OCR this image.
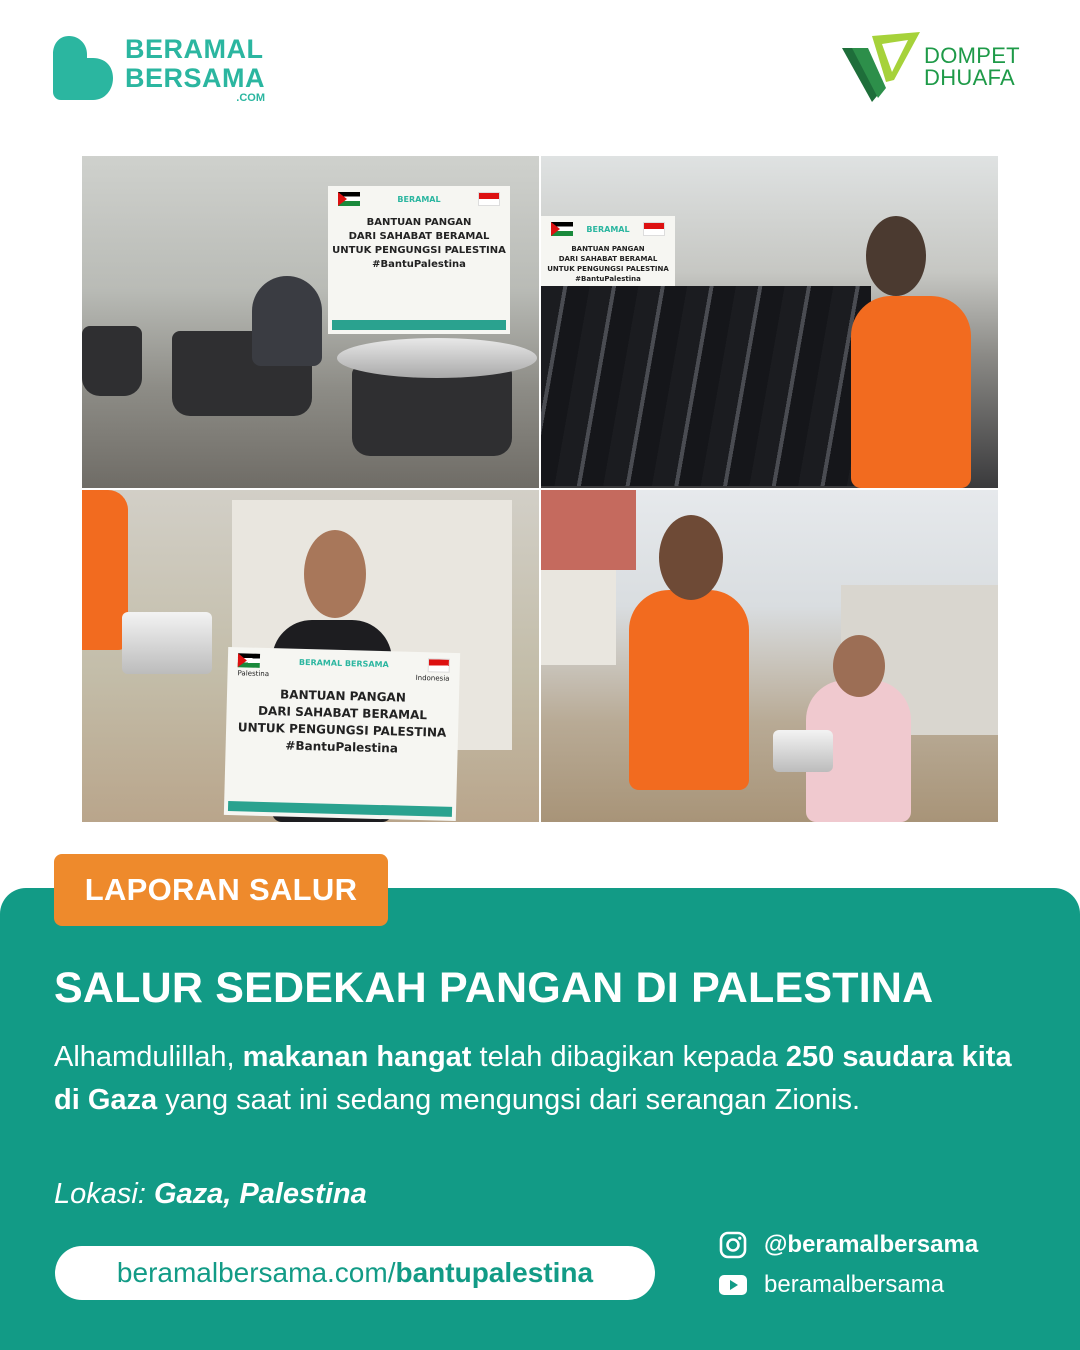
BERAMAL
BERSAMA
.COM
DOMPET
DHUAFA
BERAMAL
BANTUAN PANGAN
DARI SAHABAT BERAMAL
UNTUK PENGUNGSI PALESTINA
#BantuPalestina
BERAMAL
BANTUAN PANGAN
DARI SAHABAT BERAMAL
UNTUK PENGUNGSI PALESTINA
#BantuPalestina
BERAMAL BERSAMA
Palestina
Indonesia
BANTUAN PANGAN
DARI SAHABAT BERAMAL
UNTUK PENGUNGSI PALESTINA
#BantuPalestina
LAPORAN SALUR
SALUR SEDEKAH PANGAN DI PALESTINA
Alhamdulillah, makanan hangat telah dibagikan kepada 250 saudara kita di Gaza yang saat ini sedang mengungsi dari serangan Zionis.
Lokasi: Gaza, Palestina
beramalbersama.com/ bantupalestina
@beramalbersama
beramalbersama
